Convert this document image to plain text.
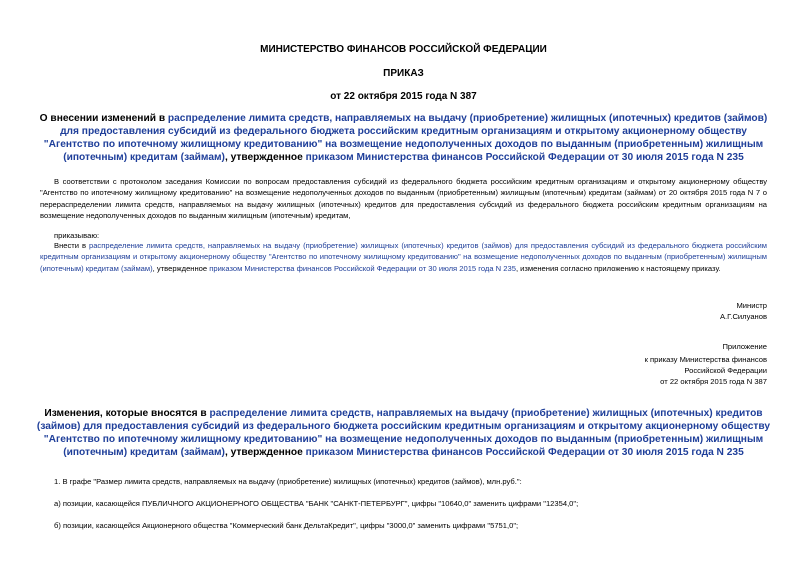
МИНИСТЕРСТВО ФИНАНСОВ РОССИЙСКОЙ ФЕДЕРАЦИИ
ПРИКАЗ
от 22 октября 2015 года N 387
О внесении изменений в распределение лимита средств, направляемых на выдачу (приобретение) жилищных (ипотечных) кредитов (займов) для предоставления субсидий из федерального бюджета российским кредитным организациям и открытому акционерному обществу "Агентство по ипотечному жилищному кредитованию" на возмещение недополученных доходов по выданным (приобретенным) жилищным (ипотечным) кредитам (займам), утвержденное приказом Министерства финансов Российской Федерации от 30 июля 2015 года N 235
В соответствии с протоколом заседания Комиссии по вопросам предоставления субсидий из федерального бюджета российским кредитным организациям и открытому акционерному обществу "Агентство по ипотечному жилищному кредитованию" на возмещение недополученных доходов по выданным (приобретенным) жилищным (ипотечным) кредитам (займам) от 20 октября 2015 года N 7 о перераспределении лимита средств, направляемых на выдачу жилищных (ипотечных) кредитов для предоставления субсидий из федерального бюджета российским кредитным организациям на возмещение недополученных доходов по выданным жилищным (ипотечным) кредитам,
приказываю:
Внести в распределение лимита средств, направляемых на выдачу (приобретение) жилищных (ипотечных) кредитов (займов) для предоставления субсидий из федерального бюджета российским кредитным организациям и открытому акционерному обществу "Агентство по ипотечному жилищному кредитованию" на возмещение недополученных доходов по выданным (приобретенным) жилищным (ипотечным) кредитам (займам), утвержденное приказом Министерства финансов Российской Федерации от 30 июля 2015 года N 235, изменения согласно приложению к настоящему приказу.
Министр
А.Г.Силуанов
Приложение
к приказу Министерства финансов
Российской Федерации
от 22 октября 2015 года N 387
Изменения, которые вносятся в распределение лимита средств, направляемых на выдачу (приобретение) жилищных (ипотечных) кредитов (займов) для предоставления субсидий из федерального бюджета российским кредитным организациям и открытому акционерному обществу "Агентство по ипотечному жилищному кредитованию" на возмещение недополученных доходов по выданным (приобретенным) жилищным (ипотечным) кредитам (займам), утвержденное приказом Министерства финансов Российской Федерации от 30 июля 2015 года N 235
1. В графе "Размер лимита средств, направляемых на выдачу (приобретение) жилищных (ипотечных) кредитов (займов), млн.руб.":
а) позиции, касающейся ПУБЛИЧНОГО АКЦИОНЕРНОГО ОБЩЕСТВА "БАНК "САНКТ-ПЕТЕРБУРГ", цифры "10640,0" заменить цифрами "12354,0";
б) позиции, касающейся Акционерного общества "Коммерческий банк ДельтаКредит", цифры "3000,0" заменить цифрами "5751,0";
